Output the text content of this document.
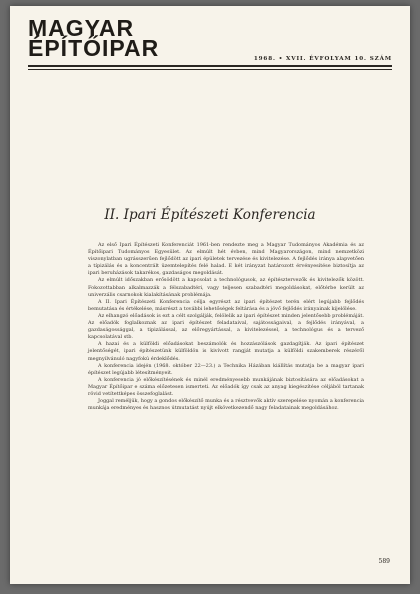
MAGYAR
ÉPÍTŐIPAR	1968. • XVII. ÉVFOLYAM 10. SZÁM
II. Ipari Építészeti Konferencia

Az első Ipari Építészeti Konferenciát 1961-ben rendezte meg a Magyar Tudományos Akadémia és az Építőipari Tudományos Egyesület. Az elmúlt hét évben, mind Magyarországon, mind nemzetközi viszonylatban ugrásszerűen fejlődött az ipari épületek tervezése és kivitelezése. A fejlődés iránya alapvetően a típizálás és a koncentrált üzemtelepítés felé halad. E két irányzat határozott érvényesítése biztosítja az ipari beruházások takarékos, gazdaságos megoldását.

Az elmúlt időszakban erősödött a kapcsolat a technológusok, az építésztervezők és kivitelezők között. Fokozottabban alkalmazzák a félszabadtéri, vagy teljesen szabadtéri megoldásokat, előtérbe került az univerzális csarnokok kialakításának problémája.

A II. Ipari Építészeti Konferencia célja egyrészt az ipari építészet terén elért legújabb fejlődés bemutatása és értékelése, másrészt a további lehetőségek feltárása és a jövő fejlődés irányainak kijelölése.

Az elhangzó előadások is ezt a célt szolgálják, felölelik az ipari építészet minden jelentősebb problémáját. Az előadók foglalkoznak az ipari építészet feladataival, sajátosságaival, a fejlődés irányával, a gazdaságossággal, a tipizálással, az előregyártással, a kivitelezéssel, a technológus és a tervező kapcsolatával stb.

A hazai és a külföldi előadásokat beszámolók és hozzászólások gazdagítják. Az ipari építészet jelentőségét, ipari építészetünk külföldön is kivívott rangját mutatja a külföldi szakemberek részéről megnyilvánuló nagyfokú érdeklődés.

A konferencia idején (1968. október 22—23.) a Technika Házában kiállítás mutatja be a magyar ipari építészet legújabb létesítményeit.

A konferencia jó előkészítésének és minél eredményesebb munkájának biztosítására az előadásokat a Magyar Építőipar e száma előzetesen ismerteti. Az előadók így csak az anyag kiegészítése céljából tartanak rövid vetítettképes összefoglalást.

Joggal reméljük, hogy a gondos előkészítő munka és a résztvevők aktív szerepelése nyomán a konferencia munkája eredményes és hasznos útmutatást nyújt elkövetkezendő nagy feladatainak megoldásához.

589
